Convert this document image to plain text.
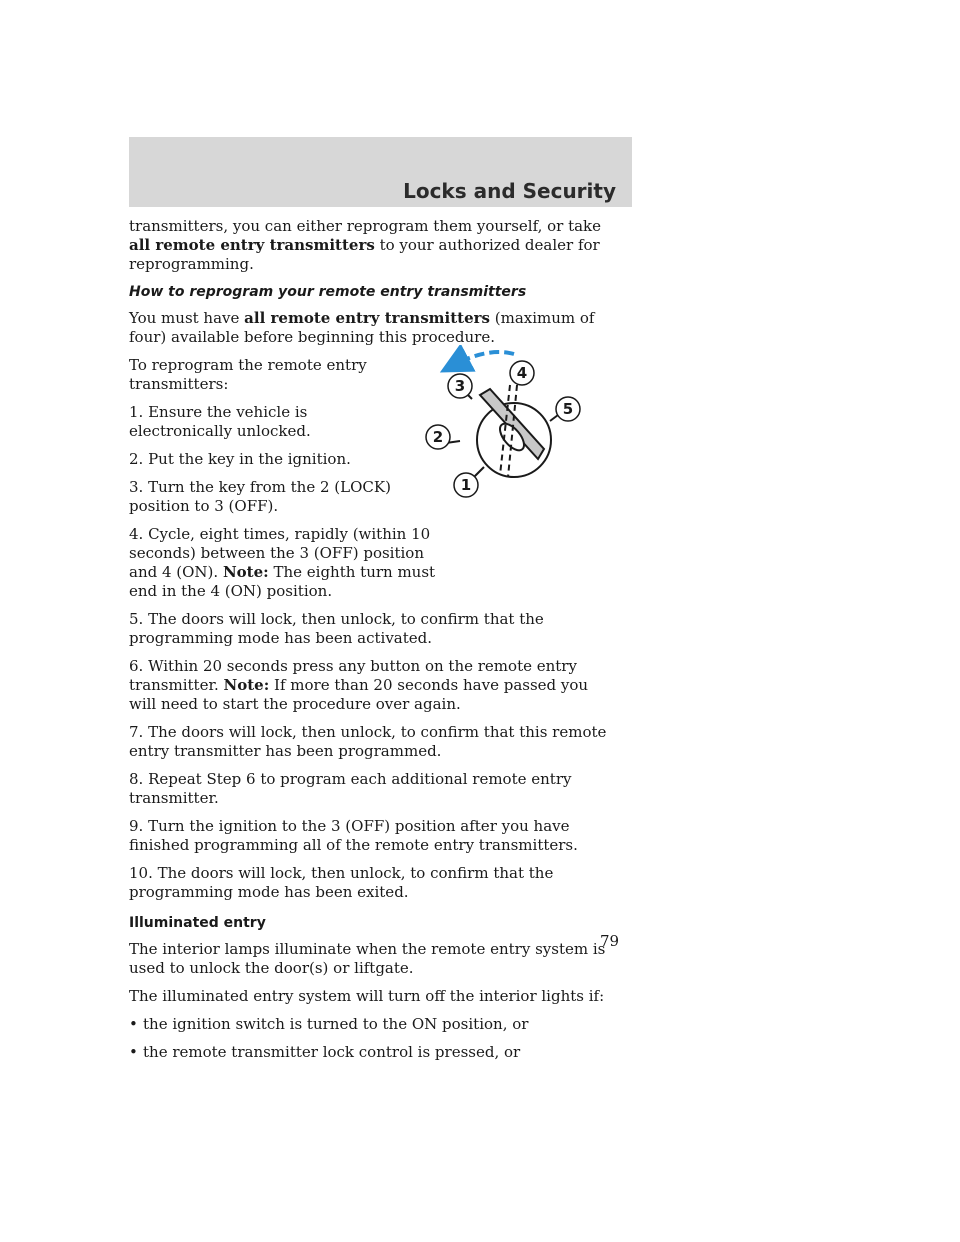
Locks and Security

transmitters, you can either reprogram them yourself, or take all remote entry transmitters to your authorized dealer for reprogramming.

How to reprogram your remote entry transmitters

You must have all remote entry transmitters (maximum of four) available before beginning this procedure.

To reprogram the remote entry transmitters:

1. Ensure the vehicle is electronically unlocked.

2. Put the key in the ignition.

3. Turn the key from the 2 (LOCK) position to 3 (OFF).

4. Cycle, eight times, rapidly (within 10 seconds) between the 3 (OFF) position and 4 (ON). Note: The eighth turn must end in the 4 (ON) position.

5. The doors will lock, then unlock, to confirm that the programming mode has been activated.

6. Within 20 seconds press any button on the remote entry transmitter. Note: If more than 20 seconds have passed you will need to start the procedure over again.

7. The doors will lock, then unlock, to confirm that this remote entry transmitter has been programmed.

8. Repeat Step 6 to program each additional remote entry transmitter.

9. Turn the ignition to the 3 (OFF) position after you have finished programming all of the remote entry transmitters.

10. The doors will lock, then unlock, to confirm that the programming mode has been exited.

Illuminated entry

The interior lamps illuminate when the remote entry system is used to unlock the door(s) or liftgate.

The illuminated entry system will turn off the interior lights if:

• the ignition switch is turned to the ON position, or

• the remote transmitter lock control is pressed, or

1
2
3
4
5
79
